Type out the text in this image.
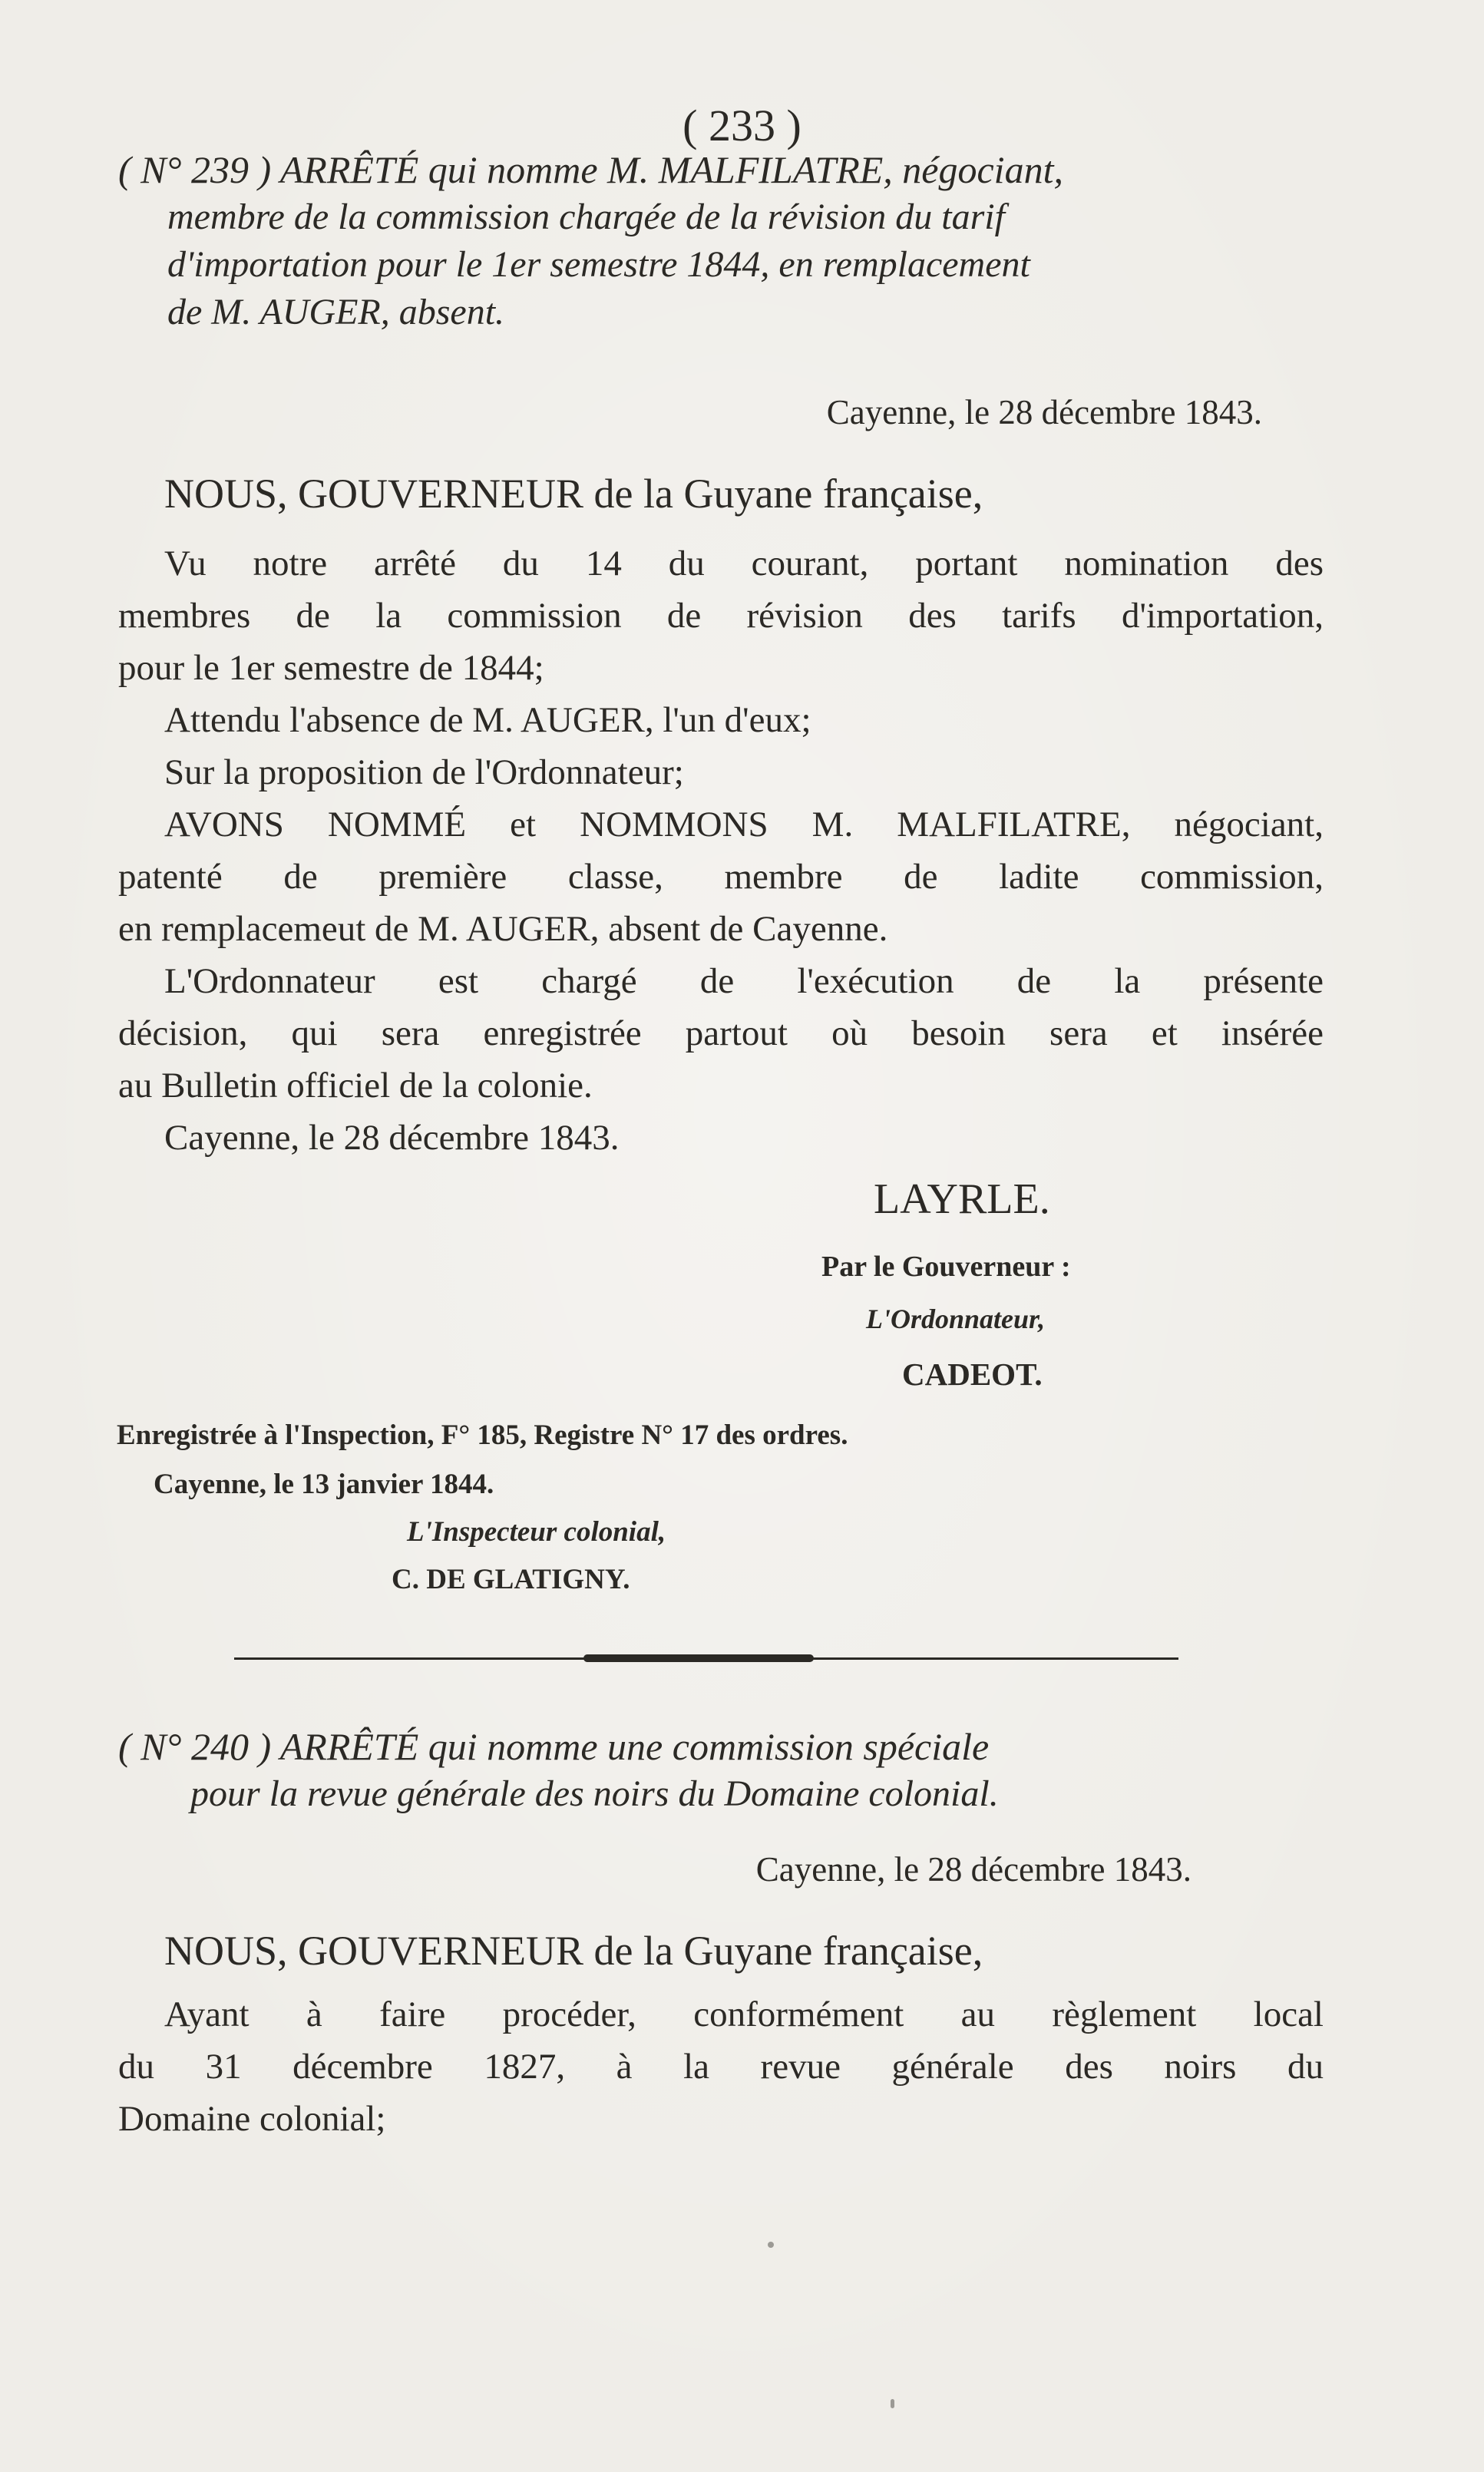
( 233 )
( N° 239 ) ARRÊTÉ qui nomme M. MALFILATRE, négociant,
membre de la commission chargée de la révision du tarif
d'importation pour le 1er semestre 1844, en remplacement
de M. AUGER, absent.
Cayenne, le 28 décembre 1843.
NOUS, GOUVERNEUR de la Guyane française,
Vu notre arrêté du 14 du courant, portant nomination des
membres de la commission de révision des tarifs d'importation,
pour le 1er semestre de 1844;
Attendu l'absence de M. AUGER, l'un d'eux;
Sur la proposition de l'Ordonnateur;
AVONS NOMMÉ et NOMMONS M. MALFILATRE, négociant,
patenté de première classe, membre de ladite commission,
en remplacemeut de M. AUGER, absent de Cayenne.
L'Ordonnateur est chargé de l'exécution de la présente
décision, qui sera enregistrée partout où besoin sera et insérée
au Bulletin officiel de la colonie.
Cayenne, le 28 décembre 1843.
LAYRLE.
Par le Gouverneur :
L'Ordonnateur,
CADEOT.
Enregistrée à l'Inspection, F° 185, Registre N° 17 des ordres.
Cayenne, le 13 janvier 1844.
L'Inspecteur colonial,
C. DE GLATIGNY.
( N° 240 ) ARRÊTÉ qui nomme une commission spéciale
pour la revue générale des noirs du Domaine colonial.
Cayenne, le 28 décembre 1843.
NOUS, GOUVERNEUR de la Guyane française,
Ayant à faire procéder, conformément au règlement local
du 31 décembre 1827, à la revue générale des noirs du
Domaine colonial;
